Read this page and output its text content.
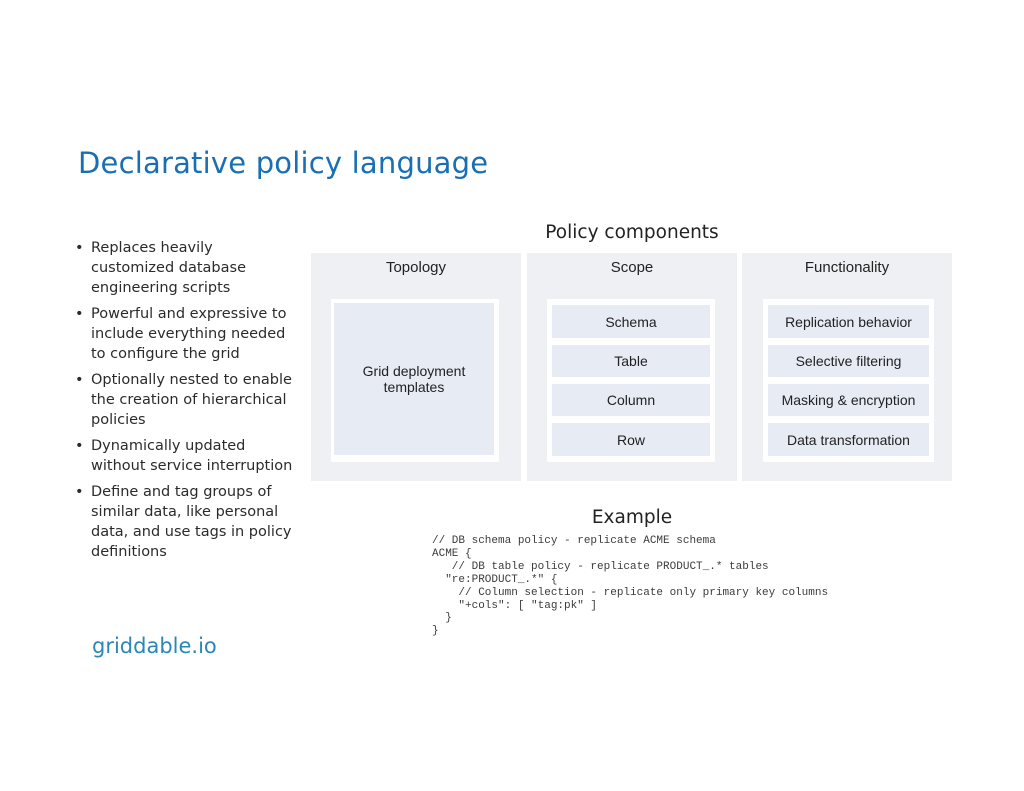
Declarative policy language
• Replaces heavily customized database engineering scripts
• Powerful and expressive to include everything needed to configure the grid
• Optionally nested to enable the creation of hierarchical policies
• Dynamically updated without service interruption
• Define and tag groups of similar data, like personal data, and use tags in policy definitions
griddable.io
Policy components
Topology
Grid deployment templates
Scope
Schema
Table
Column
Row
Functionality
Replication behavior
Selective filtering
Masking & encryption
Data transformation
Example
// DB schema policy - replicate ACME schema
ACME {
// DB table policy - replicate PRODUCT_.* tables
"re:PRODUCT_.*" {
// Column selection - replicate only primary key columns
"+cols": [ "tag:pk" ]
}
}
